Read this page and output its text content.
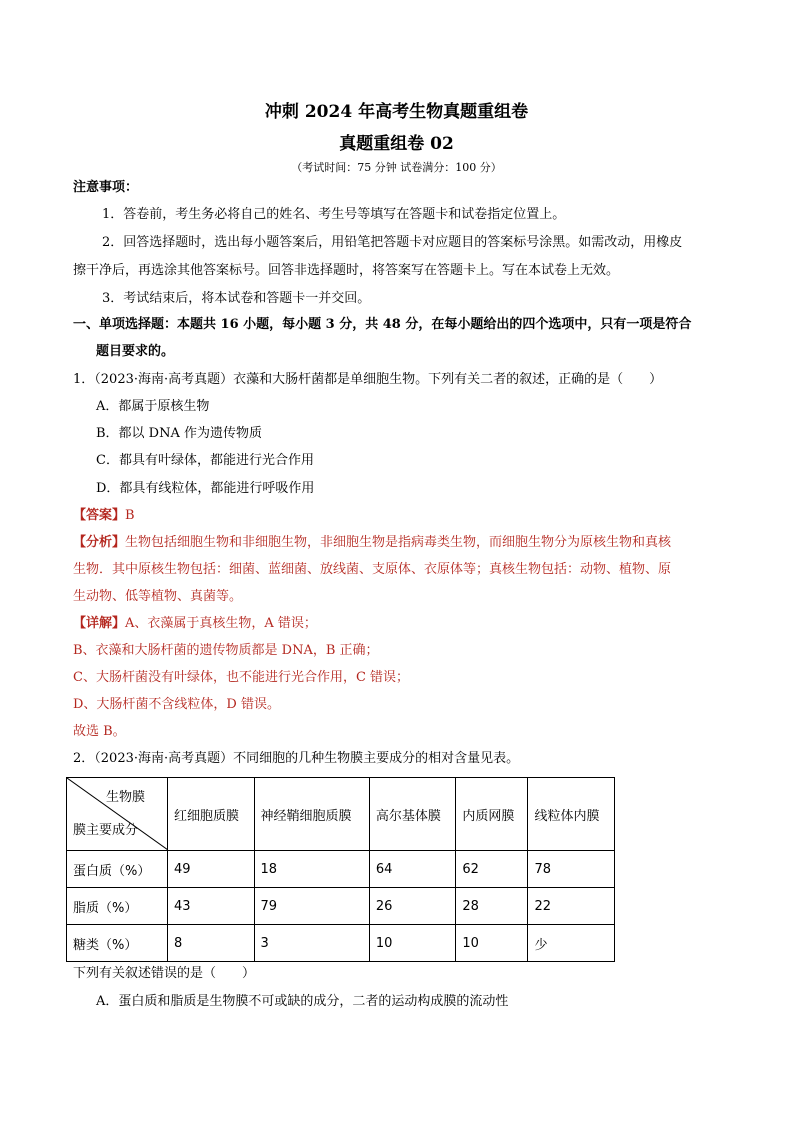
冲刺 2024 年高考生物真题重组卷
真题重组卷 02
（考试时间：75 分钟 试卷满分：100 分）
注意事项：
1．答卷前，考生务必将自己的姓名、考生号等填写在答题卡和试卷指定位置上。
2．回答选择题时，选出每小题答案后，用铅笔把答题卡对应题目的答案标号涂黑。如需改动，用橡皮
擦干净后，再选涂其他答案标号。回答非选择题时，将答案写在答题卡上。写在本试卷上无效。
3．考试结束后，将本试卷和答题卡一并交回。
一、单项选择题：本题共 16 小题，每小题 3 分，共 48 分，在每小题给出的四个选项中，只有一项是符合
题目要求的。
1．（2023·海南·高考真题）衣藻和大肠杆菌都是单细胞生物。下列有关二者的叙述，正确的是（　　）
A．都属于原核生物
B．都以 DNA 作为遗传物质
C．都具有叶绿体，都能进行光合作用
D．都具有线粒体，都能进行呼吸作用
【答案】B
【分析】生物包括细胞生物和非细胞生物，非细胞生物是指病毒类生物，而细胞生物分为原核生物和真核
生物．其中原核生物包括：细菌、蓝细菌、放线菌、支原体、衣原体等；真核生物包括：动物、植物、原
生动物、低等植物、真菌等。
【详解】A、衣藻属于真核生物，A 错误；
B、衣藻和大肠杆菌的遗传物质都是 DNA，B 正确；
C、大肠杆菌没有叶绿体，也不能进行光合作用，C 错误；
D、大肠杆菌不含线粒体，D 错误。
故选 B。
2．（2023·海南·高考真题）不同细胞的几种生物膜主要成分的相对含量见表。
生物膜
膜主要成分	红细胞质膜	神经鞘细胞质膜	高尔基体膜	内质网膜	线粒体内膜
蛋白质（%）	49	18	64	62	78
脂质（%）	43	79	26	28	22
糖类（%）	8	3	10	10	少
下列有关叙述错误的是（　　）
A．蛋白质和脂质是生物膜不可或缺的成分，二者的运动构成膜的流动性
